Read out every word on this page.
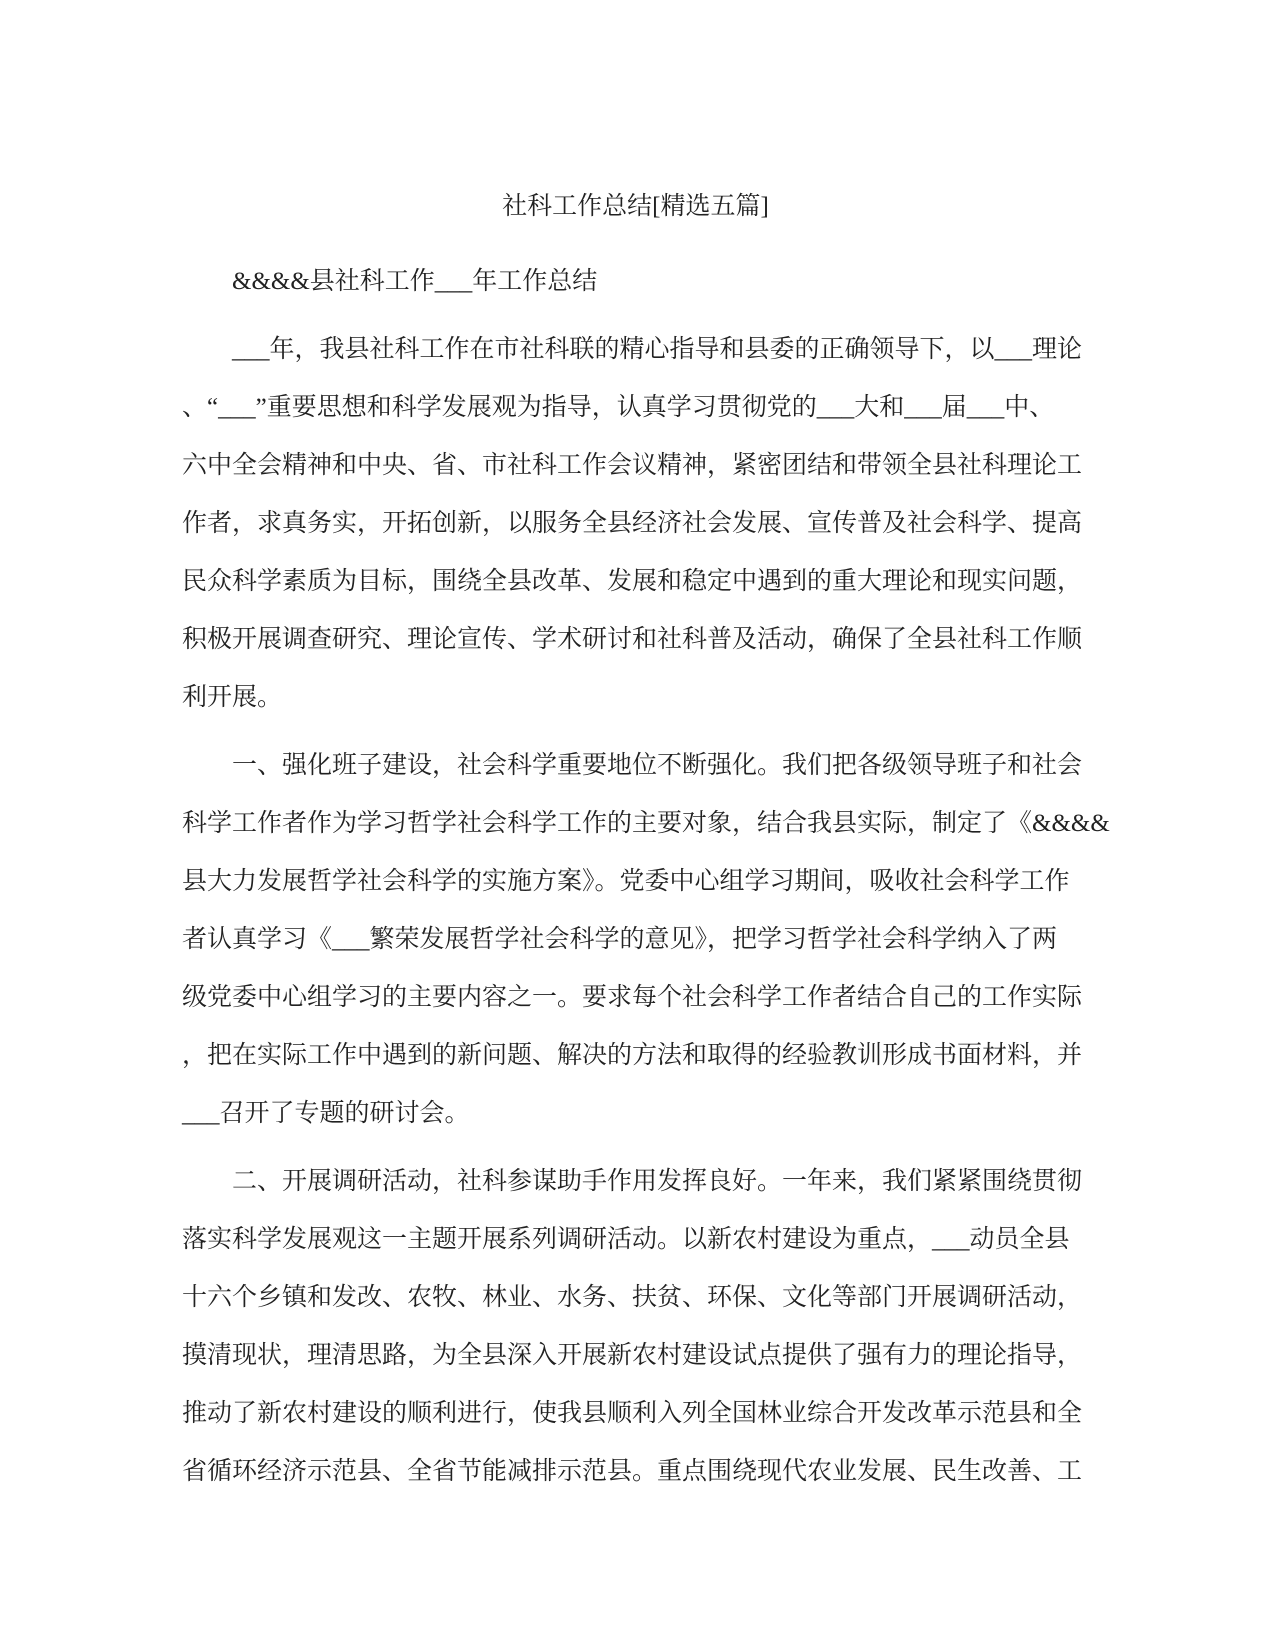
社科工作总结[精选五篇]
&&&&县社科工作___年工作总结
___年，我县社科工作在市社科联的精心指导和县委的正确领导下，以___理论
、“___”重要思想和科学发展观为指导，认真学习贯彻党的___大和___届___中、
六中全会精神和中央、省、市社科工作会议精神，紧密团结和带领全县社科理论工
作者，求真务实，开拓创新，以服务全县经济社会发展、宣传普及社会科学、提高
民众科学素质为目标，围绕全县改革、发展和稳定中遇到的重大理论和现实问题，
积极开展调查研究、理论宣传、学术研讨和社科普及活动，确保了全县社科工作顺
利开展。
一、强化班子建设，社会科学重要地位不断强化。我们把各级领导班子和社会
科学工作者作为学习哲学社会科学工作的主要对象，结合我县实际，制定了《&&&&
县大力发展哲学社会科学的实施方案》。党委中心组学习期间，吸收社会科学工作
者认真学习《___繁荣发展哲学社会科学的意见》，把学习哲学社会科学纳入了两
级党委中心组学习的主要内容之一。要求每个社会科学工作者结合自己的工作实际
，把在实际工作中遇到的新问题、解决的方法和取得的经验教训形成书面材料，并
___召开了专题的研讨会。
二、开展调研活动，社科参谋助手作用发挥良好。一年来，我们紧紧围绕贯彻
落实科学发展观这一主题开展系列调研活动。以新农村建设为重点，___动员全县
十六个乡镇和发改、农牧、林业、水务、扶贫、环保、文化等部门开展调研活动，
摸清现状，理清思路，为全县深入开展新农村建设试点提供了强有力的理论指导，
推动了新农村建设的顺利进行，使我县顺利入列全国林业综合开发改革示范县和全
省循环经济示范县、全省节能减排示范县。重点围绕现代农业发展、民生改善、工
